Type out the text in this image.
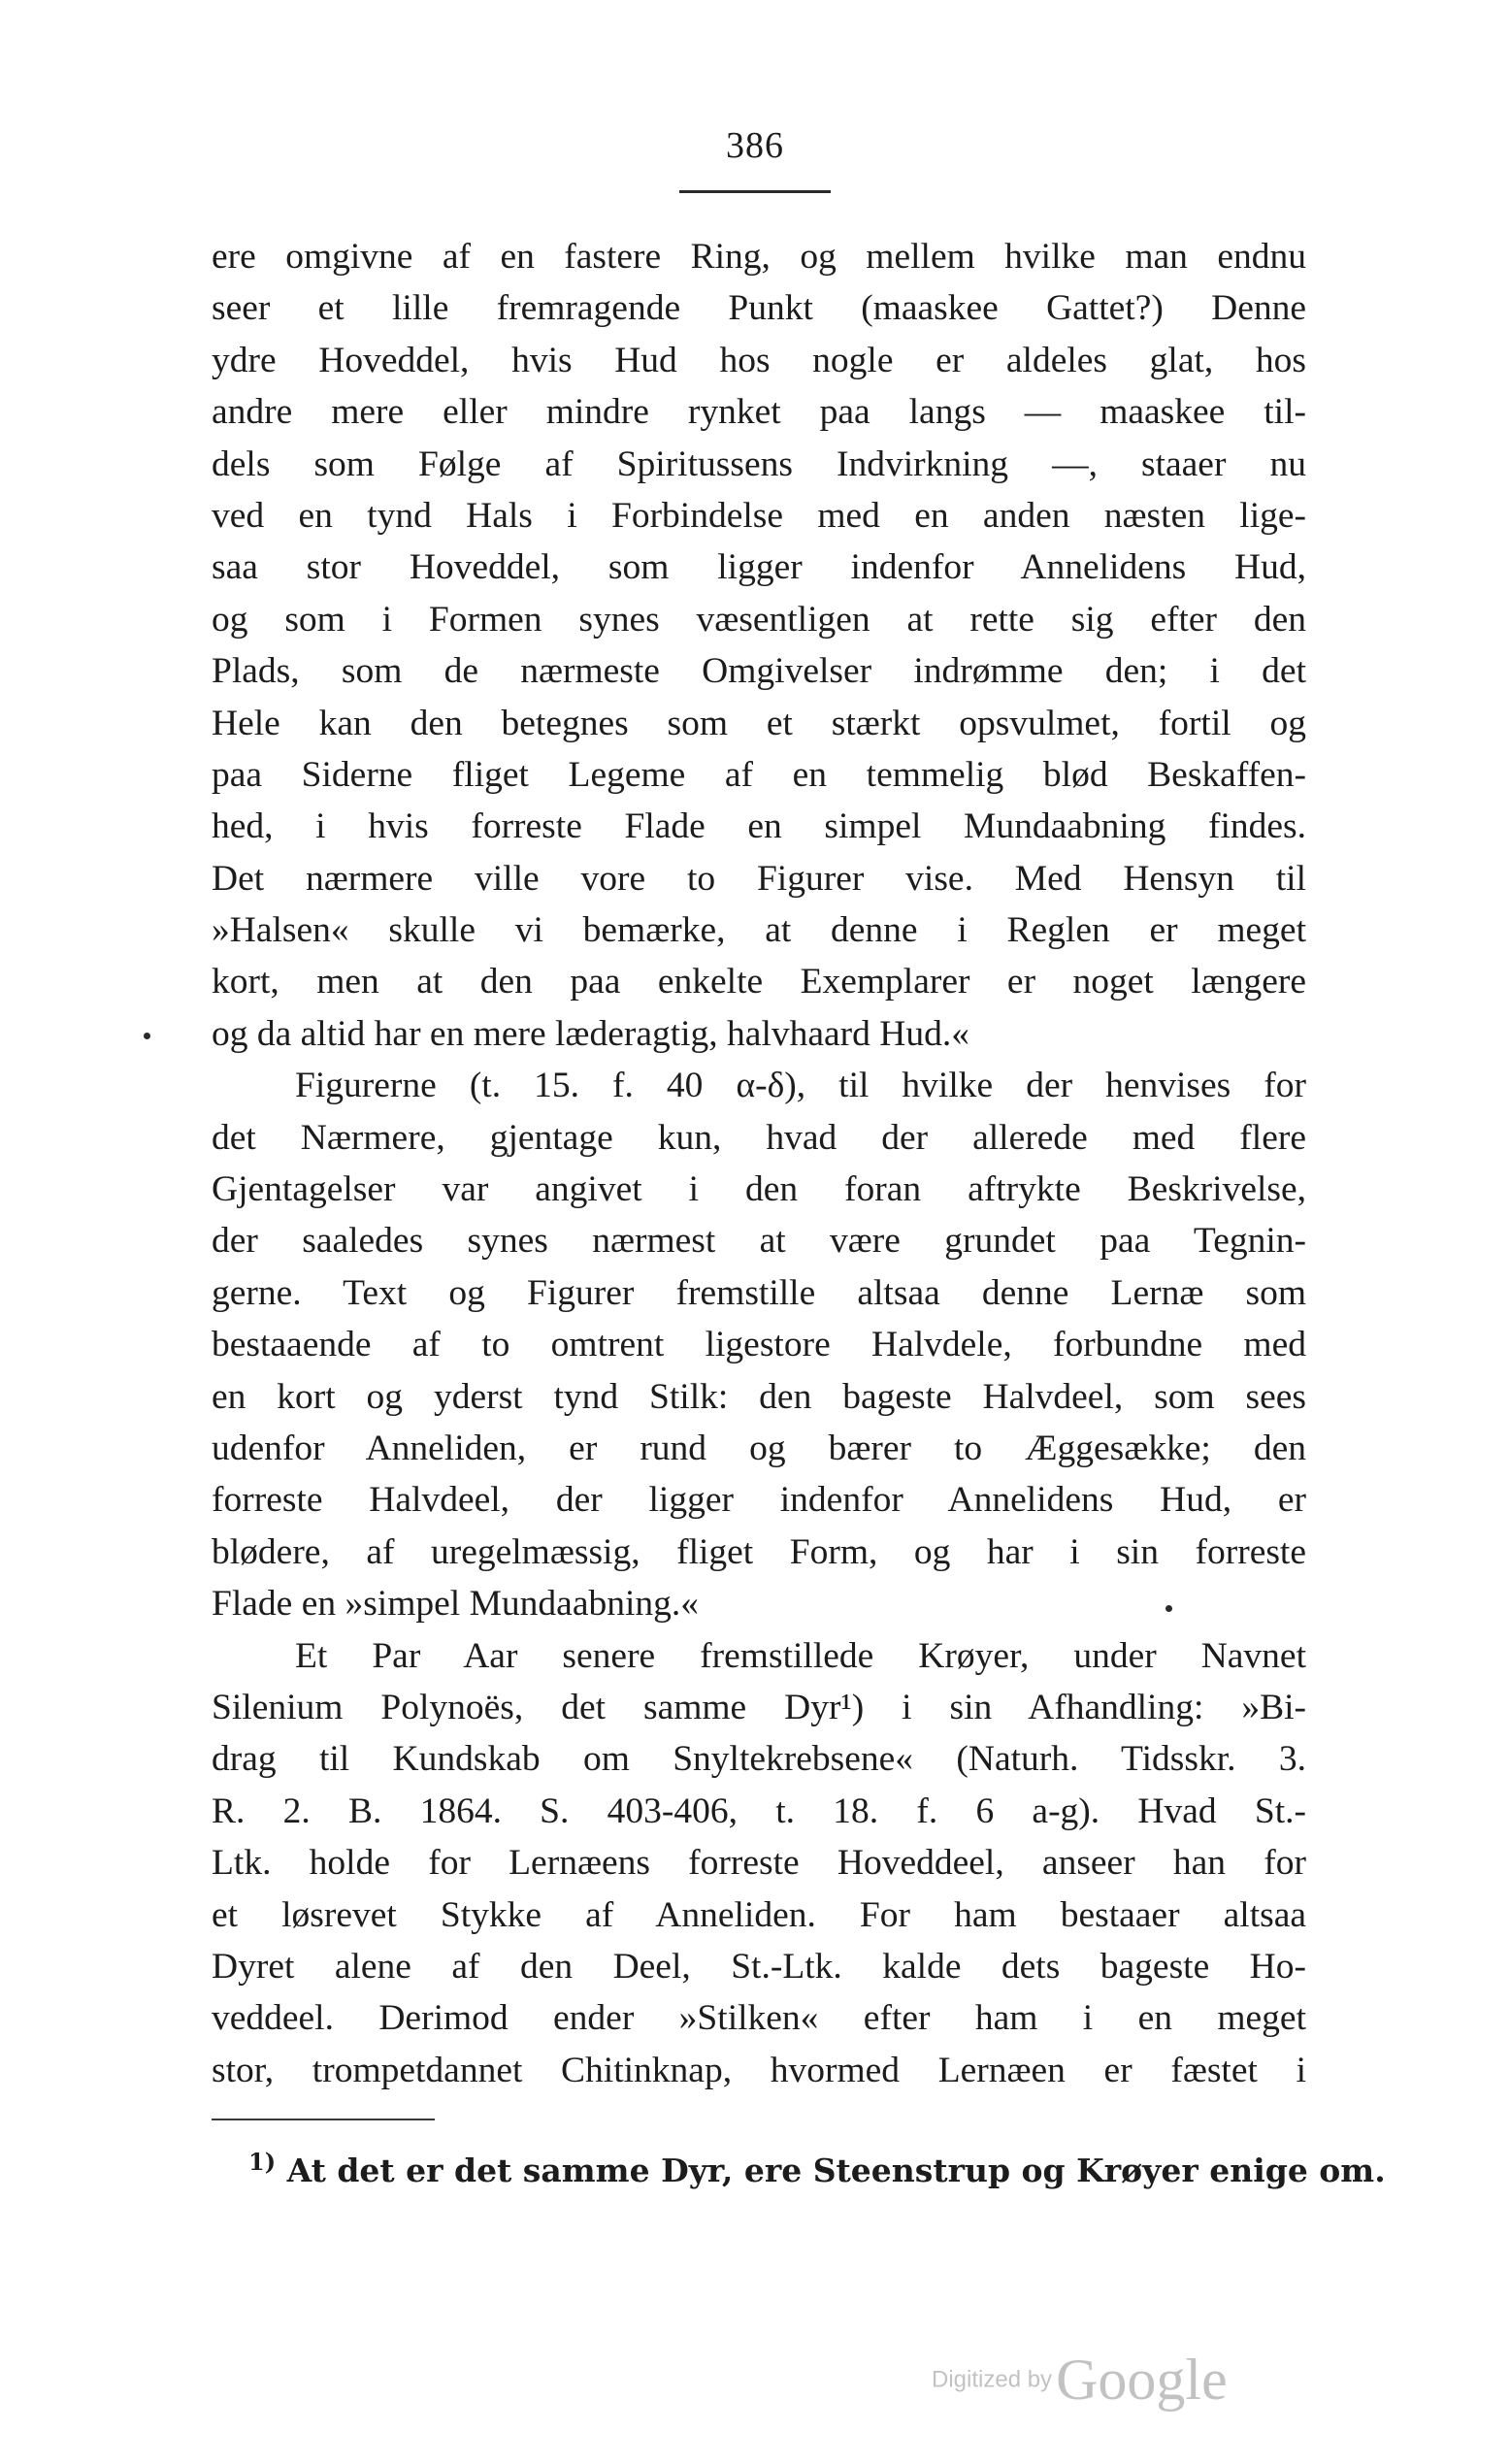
386
ere omgivne af en fastere Ring, og mellem hvilke man endnu
seer et lille fremragende Punkt (maaskee Gattet?) Denne
ydre Hoveddel, hvis Hud hos nogle er aldeles glat, hos
andre mere eller mindre rynket paa langs — maaskee til-
dels som Følge af Spiritussens Indvirkning —, staaer nu
ved en tynd Hals i Forbindelse med en anden næsten lige-
saa stor Hoveddel, som ligger indenfor Annelidens Hud,
og som i Formen synes væsentligen at rette sig efter den
Plads, som de nærmeste Omgivelser indrømme den; i det
Hele kan den betegnes som et stærkt opsvulmet, fortil og
paa Siderne fliget Legeme af en temmelig blød Beskaffen-
hed, i hvis forreste Flade en simpel Mundaabning findes.
Det nærmere ville vore to Figurer vise. Med Hensyn til
»Halsen« skulle vi bemærke, at denne i Reglen er meget
kort, men at den paa enkelte Exemplarer er noget længere
og da altid har en mere læderagtig, halvhaard Hud.«
Figurerne (t. 15. f. 40 α-δ), til hvilke der henvises for
det Nærmere, gjentage kun, hvad der allerede med flere
Gjentagelser var angivet i den foran aftrykte Beskrivelse,
der saaledes synes nærmest at være grundet paa Tegnin-
gerne. Text og Figurer fremstille altsaa denne Lernæ som
bestaaende af to omtrent ligestore Halvdele, forbundne med
en kort og yderst tynd Stilk: den bageste Halvdeel, som sees
udenfor Anneliden, er rund og bærer to Æggesække; den
forreste Halvdeel, der ligger indenfor Annelidens Hud, er
blødere, af uregelmæssig, fliget Form, og har i sin forreste
Flade en »simpel Mundaabning.«
Et Par Aar senere fremstillede Krøyer, under Navnet
Silenium Polynoës, det samme Dyr¹) i sin Afhandling: »Bi-
drag til Kundskab om Snyltekrebsene« (Naturh. Tidsskr. 3.
R. 2. B. 1864. S. 403-406, t. 18. f. 6 a-g). Hvad St.-
Ltk. holde for Lernæens forreste Hoveddeel, anseer han for
et løsrevet Stykke af Anneliden. For ham bestaaer altsaa
Dyret alene af den Deel, St.-Ltk. kalde dets bageste Ho-
veddeel. Derimod ender »Stilken« efter ham i en meget
stor, trompetdannet Chitinknap, hvormed Lernæen er fæstet i
$^{1)}$ At det er det samme Dyr, ere Steenstrup og Krøyer enige om.
Digitized by Google
